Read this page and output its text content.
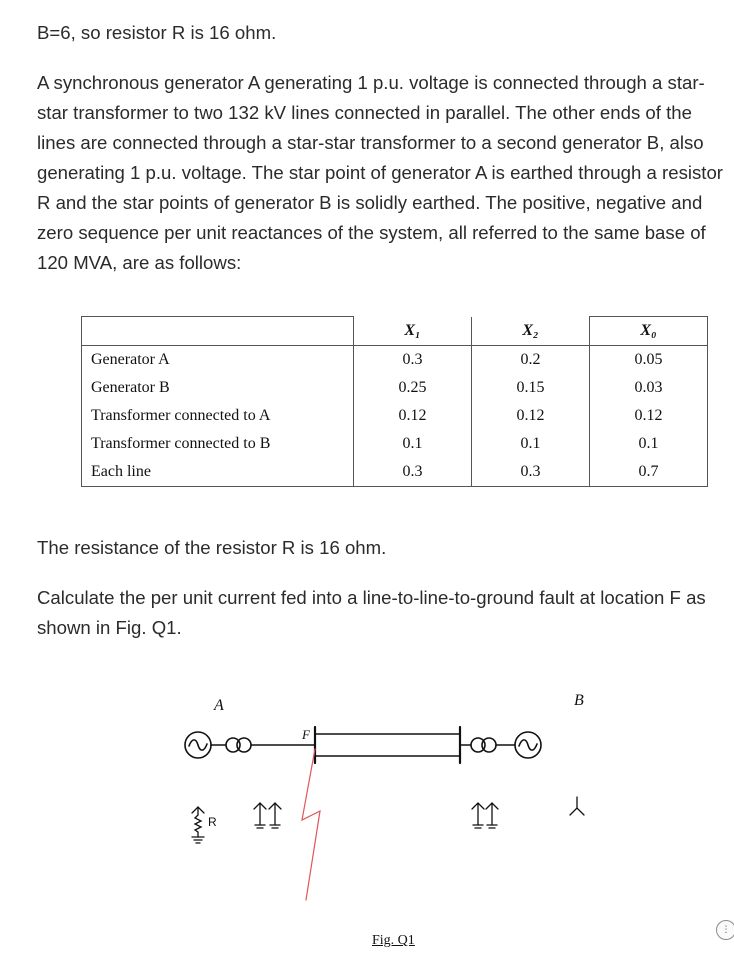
B=6, so resistor R is 16 ohm.

A synchronous generator A generating 1 p.u. voltage is connected through a star-star transformer to two 132 kV lines connected in parallel. The other ends of the lines are connected through a star-star transformer to a second generator B, also generating 1 p.u. voltage. The star point of generator A is earthed through a resistor R and the star points of generator B is solidly earthed. The positive, negative and zero sequence per unit reactances of the system, all referred to the same base of 120 MVA, are as follows:

	X₁	X₂	X₀
Generator A	0.3	0.2	0.05
Generator B	0.25	0.15	0.03
Transformer connected to A	0.12	0.12	0.12
Transformer connected to B	0.1	0.1	0.1
Each line	0.3	0.3	0.7

The resistance of the resistor R is 16 ohm.

Calculate the per unit current fed into a line-to-line-to-ground fault at location F as shown in Fig. Q1.

A
F
B
R
Fig. Q1
⋮
